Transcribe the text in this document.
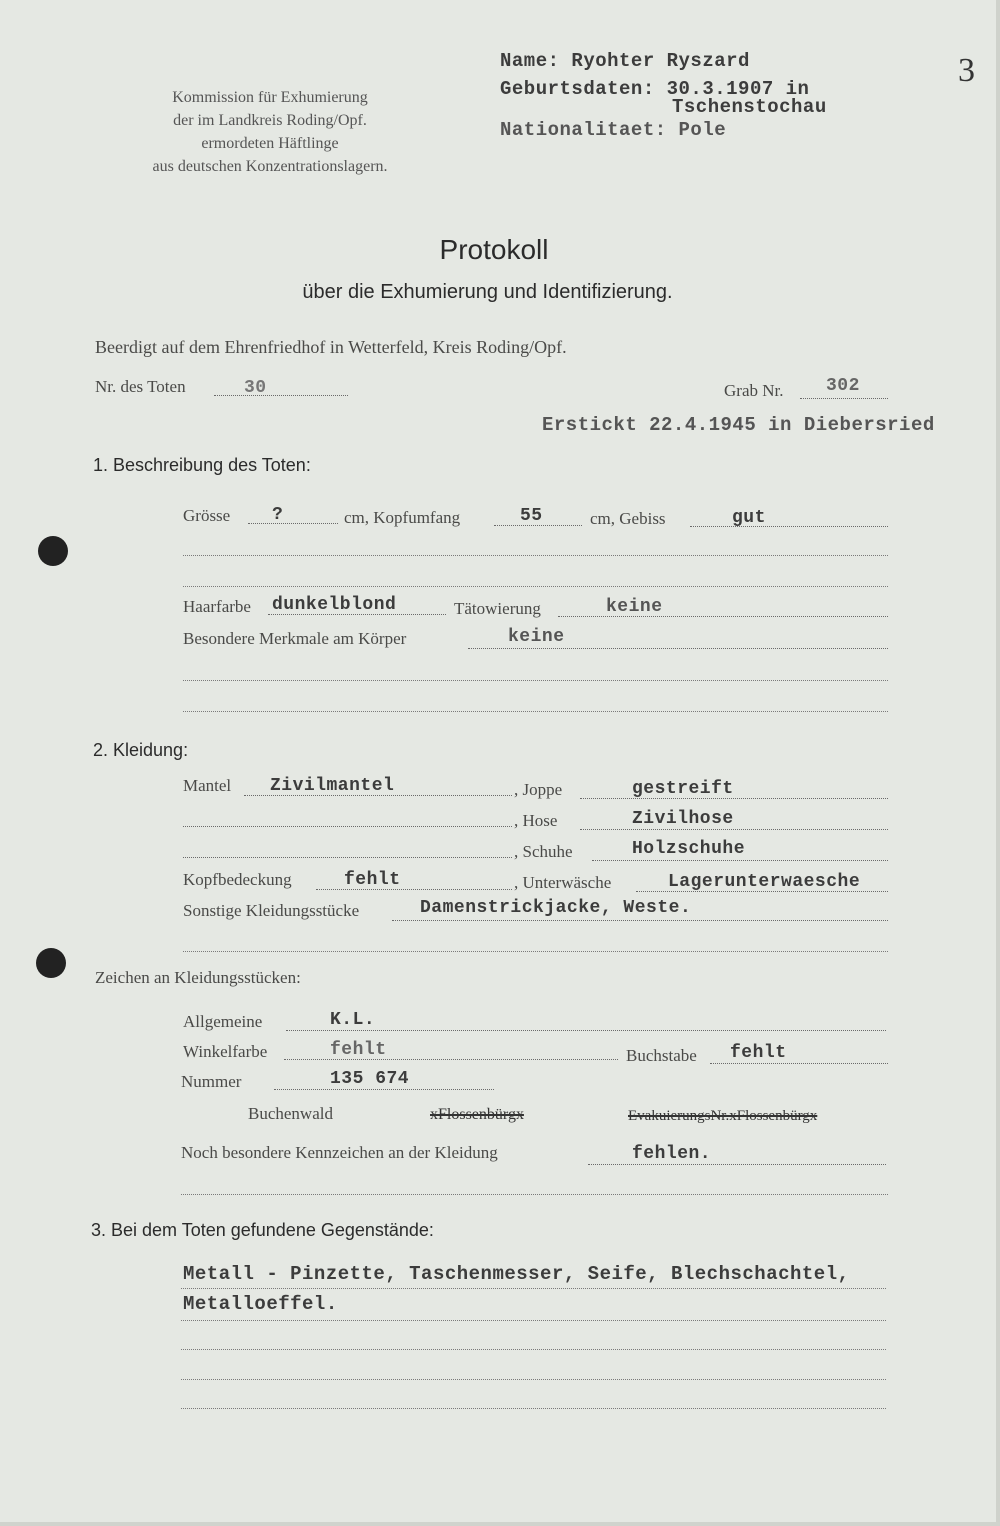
3
Kommission für Exhumierung
der im Landkreis Roding/Opf.
ermordeten Häftlinge
aus deutschen Konzentrationslagern.
Name: Ryohter Ryszard
Geburtsdaten: 30.3.1907 in
Tschenstochau
Nationalitaet: Pole
Protokoll
über die Exhumierung und Identifizierung.
Beerdigt auf dem Ehrenfriedhof in Wetterfeld, Kreis Roding/Opf.
Nr. des Toten	30	Grab Nr. 302
Erstickt 22.4.1945 in Diebersried
1. Beschreibung des Toten:
Grösse ?	cm, Kopfumfang	55	cm, Gebiss	gut
Haarfarbe dunkelblond	Tätowierung	keine
Besondere Merkmale am Körper	keine
2. Kleidung:
Mantel Zivilmantel	, Joppe	gestreift
, Hose	Zivilhose
, Schuhe	Holzschuhe
Kopfbedeckung	fehlt	, Unterwäsche	Lagerunterwaesche
Sonstige Kleidungsstücke	Damenstrickjacke, Weste.
Zeichen an Kleidungsstücken:
Allgemeine	K.L.
Winkelfarbe	fehlt	Buchstabe fehlt
Nummer	135 674
Buchenwald	xFlossenbürgx	EvakuierungsNr.xFlossenbürgx
Noch besondere Kennzeichen an der Kleidung	fehlen.
3. Bei dem Toten gefundene Gegenstände:
Metall - Pinzette, Taschenmesser, Seife, Blechschachtel,
Metalloeffel.
